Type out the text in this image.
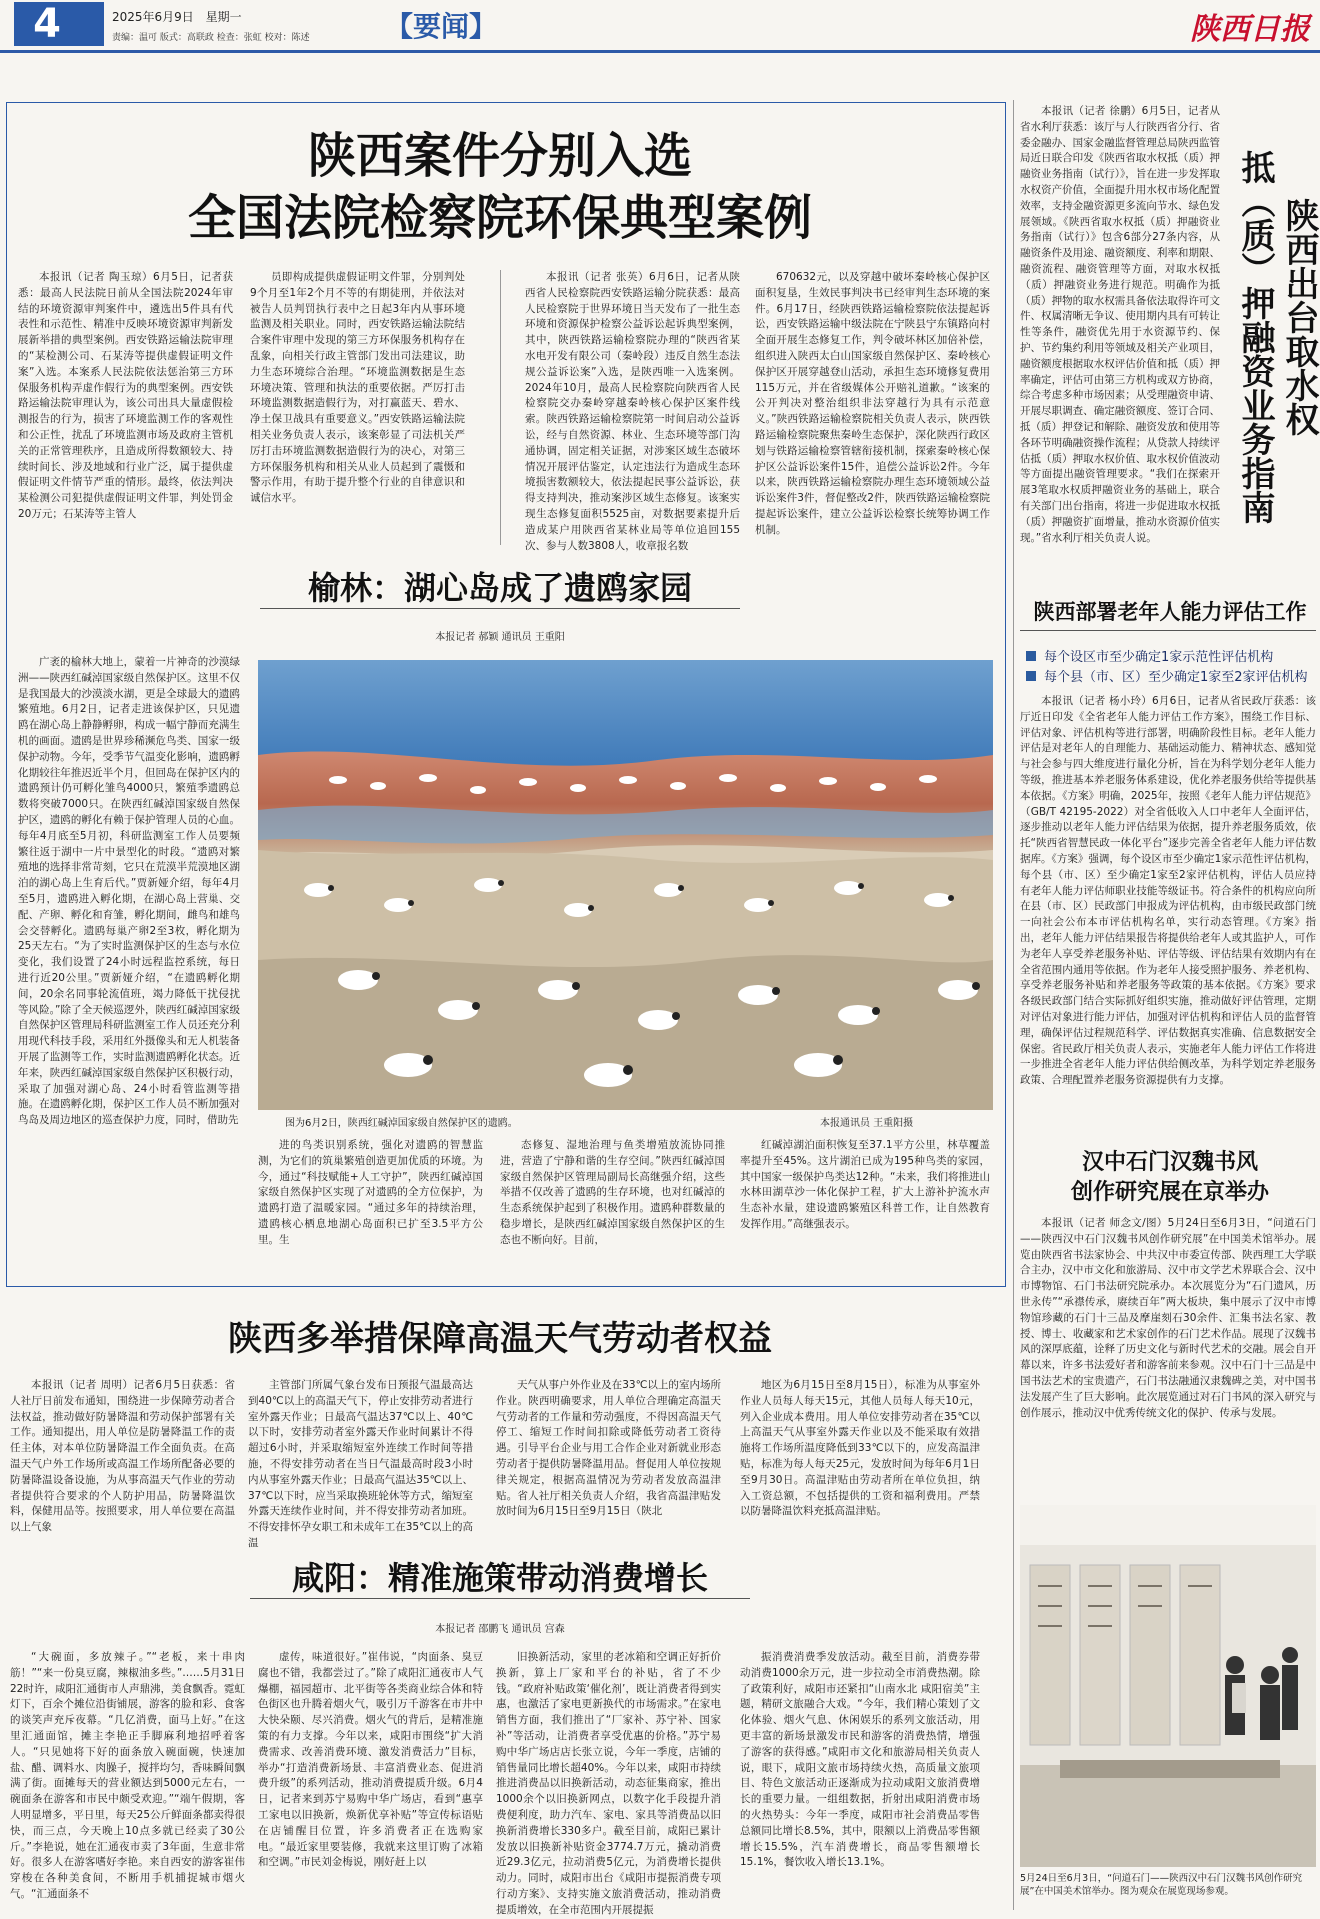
4	2025年6月9日 星期一
责编：温可 版式：高联政 检查：张虹 校对：陈述	【要闻】	陕西日报
陕西案件分别入选
全国法院检察院环保典型案例

本报讯（记者 陶玉琼）6月5日，记者获悉：最高人民法院日前从全国法院2024年审结的环境资源审判案件中，遴选出5件具有代表性和示范性、精准中反映环境资源审判新发展新举措的典型案例。西安铁路运输法院审理的“某检测公司、石某涛等提供虚假证明文件案”入选。本案系人民法院依法惩治第三方环保服务机构弄虚作假行为的典型案例。西安铁路运输法院审理认为，该公司出具大量虚假检测报告的行为，损害了环境监测工作的客观性和公正性，扰乱了环境监测市场及政府主管机关的正常管理秩序，且造成所得数额较大、持续时间长、涉及地域和行业广泛，属于提供虚假证明文件情节严重的情形。最终，依法判决某检测公司犯提供虚假证明文件罪，判处罚金20万元；石某涛等主管人

员即构成提供虚假证明文件罪，分别判处9个月至1年2个月不等的有期徒刑，并依法对被告人员判罚执行表中之日起3年内从事环境监测及相关职业。同时，西安铁路运输法院结合案件审理中发现的第三方环保服务机构存在乱象，向相关行政主管部门发出司法建议，助力生态环境综合治理。“环境监测数据是生态环境决策、管理和执法的重要依据。严厉打击环境监测数据造假行为，对打赢蓝天、碧水、净土保卫战具有重要意义。”西安铁路运输法院相关业务负责人表示，该案彰显了司法机关严厉打击环境监测数据造假行为的决心，对第三方环保服务机构和相关从业人员起到了震慑和警示作用，有助于提升整个行业的自律意识和诚信水平。

本报讯（记者 张英）6月6日，记者从陕西省人民检察院西安铁路运输分院获悉：最高人民检察院于世界环境日当天发布了一批生态环境和资源保护检察公益诉讼起诉典型案例，其中，陕西铁路运输检察院办理的“陕西省某水电开发有限公司（秦岭段）违反自然生态法规公益诉讼案”入选，是陕西唯一入选案例。2024年10月，最高人民检察院向陕西省人民检察院交办秦岭穿越秦岭核心保护区案件线索。陕西铁路运输检察院第一时间启动公益诉讼，经与自然资源、林业、生态环境等部门沟通协调，固定相关证据，对涉案区域生态破坏情况开展评估鉴定，认定违法行为造成生态环境损害数额较大，依法提起民事公益诉讼，获得支持判决，推动案涉区域生态修复。该案实现生态修复面积5525亩，对数据要素提升后造成某户用陕西省某林业局等单位追回155次、参与人数3808人，收章报名数

670632元，以及穿越中破坏秦岭核心保护区面积复垦，生效民事判决书已经审判生态环境的案件。6月17日，经陕西铁路运输检察院依法提起诉讼，西安铁路运输中级法院在宁陕县宁东镇路向村全面开展生态修复工作，判令破坏林区加倍补偿，组织进入陕西太白山国家级自然保护区、秦岭核心保护区开展穿越登山活动，承担生态环境修复费用115万元，并在省级媒体公开赔礼道歉。“该案的公开判决对整治组织非法穿越行为具有示范意义。”陕西铁路运输检察院相关负责人表示，陕西铁路运输检察院聚焦秦岭生态保护，深化陕西行政区划与铁路运输检察管辖衔接机制，探索秦岭核心保护区公益诉讼案件15件，追偿公益诉讼2件。今年以来，陕西铁路运输检察院办理生态环境领域公益诉讼案件3件，督促整改2件，陕西铁路运输检察院提起诉讼案件，建立公益诉讼检察长统筹协调工作机制。

榆林：湖心岛成了遗鸥家园
本报记者 郝颖 通讯员 王重阳

广袤的榆林大地上，蒙着一片神奇的沙漠绿洲——陕西红碱淖国家级自然保护区。这里不仅是我国最大的沙漠淡水湖，更是全球最大的遗鸥繁殖地。6月2日，记者走进该保护区，只见遗鸥在湖心岛上静静孵卵，构成一幅宁静而充满生机的画面。遗鸥是世界珍稀濒危鸟类、国家一级保护动物。今年，受季节气温变化影响，遗鸥孵化期较往年推迟近半个月，但回岛在保护区内的遗鸥预计仍可孵化雏鸟4000只，繁殖季遗鸥总数将突破7000只。在陕西红碱淖国家级自然保护区，遗鸥的孵化有赖于保护管理人员的心血。每年4月底至5月初，科研监测室工作人员要频繁往返于湖中一片中景型化的时段。“遗鸥对繁殖地的选择非常苛刻，它只在荒漠半荒漠地区湖泊的湖心岛上生育后代。”贾新娅介绍，每年4月至5月，遗鸥进入孵化期，在湖心岛上营巢、交配、产卵、孵化和育雏，孵化期间，雌鸟和雄鸟会交替孵化。遗鸥每巢产卵2至3枚，孵化期为25天左右。“为了实时监测保护区的生态与水位变化，我们设置了24小时远程监控系统，每日进行近20公里。”贾新娅介绍，“在遗鸥孵化期间，20余名同事轮流值班，竭力降低干扰侵扰等风险。”除了全天候巡逻外，陕西红碱淖国家级自然保护区管理局科研监测室工作人员还充分利用现代科技手段，采用红外摄像头和无人机装备开展了监测等工作，实时监测遗鸥孵化状态。近年来，陕西红碱淖国家级自然保护区积极行动，采取了加强对湖心岛、24小时看管监测等措施。在遗鸥孵化期，保护区工作人员不断加强对鸟岛及周边地区的巡查保护力度，同时，借助先	图为6月2日，陕西红碱淖国家级自然保护区的遗鸥。	本报通讯员 王重阳摄

进的鸟类识别系统，强化对遗鸥的智慧监测，为它们的筑巢繁殖创造更加优质的环境。为今，通过“科技赋能+人工守护”，陕西红碱淖国家级自然保护区实现了对遗鸥的全方位保护，为遗鸥打造了温暖家园。“通过多年的持续治理，遗鸥核心栖息地湖心岛面积已扩至3.5平方公里。生

态修复、湿地治理与鱼类增殖放流协同推进，营造了宁静和谐的生存空间。”陕西红碱淖国家级自然保护区管理局副局长高继强介绍，这些举措不仅改善了遗鸥的生存环境，也对红碱淖的生态系统保护起到了积极作用。遗鸥种群数量的稳步增长，是陕西红碱淖国家级自然保护区的生态也不断向好。目前，

红碱淖湖泊面积恢复至37.1平方公里，林草覆盖率提升至45%。这片湖泊已成为195种鸟类的家园，其中国家一级保护鸟类达12种。“未来，我们将推进山水林田湖草沙一体化保护工程，扩大上游补护流水声生态补水量，建设遗鸥繁殖区科普工作，让自然教育发挥作用。”高继强表示。

陕西多举措保障高温天气劳动者权益

本报讯（记者 周明）记者6月5日获悉：省人社厅日前发布通知，围绕进一步保障劳动者合法权益，推动做好防暑降温和劳动保护部署有关工作。通知提出，用人单位是防暑降温工作的责任主体，对本单位防暑降温工作全面负责。在高温天气户外工作场所或高温工作场所配备必要的防暑降温设备设施，为从事高温天气作业的劳动者提供符合要求的个人防护用品，防暑降温饮料，保健用品等。按照要求，用人单位要在高温以上气象

主管部门所属气象台发布日预报气温最高达到40℃以上的高温天气下，停止安排劳动者进行室外露天作业；日最高气温达37℃以上、40℃以下时，安排劳动者室外露天作业时间累计不得超过6小时，并采取缩短室外连续工作时间等措施，不得安排劳动者在当日气温最高时段3小时内从事室外露天作业；日最高气温达35℃以上、37℃以下时，应当采取换班轮休等方式，缩短室外露天连续作业时间，并不得安排劳动者加班。不得安排怀孕女职工和未成年工在35℃以上的高温

天气从事户外作业及在33℃以上的室内场所作业。陕西明确要求，用人单位合理确定高温天气劳动者的工作量和劳动强度，不得因高温天气停工、缩短工作时间扣除或降低劳动者工资待遇。引导平台企业与用工合作企业对新就业形态劳动者于提供防暑降温用品。督促用人单位按规律关规定，根据高温情况为劳动者发放高温津贴。省人社厅相关负责人介绍，我省高温津贴发放时间为6月15日至9月15日（陕北

地区为6月15日至8月15日），标准为从事室外作业人员每人每天15元，其他人员每人每天10元，列入企业成本费用。用人单位安排劳动者在35℃以上高温天气从事室外露天作业以及不能采取有效措施将工作场所温度降低到33℃以下的，应发高温津贴，标准为每人每天25元，发放时间为每年6月1日至9月30日。高温津贴由劳动者所在单位负担，纳入工资总额，不包括提供的工资和福利费用。严禁以防暑降温饮料充抵高温津贴。

咸阳：精准施策带动消费增长
本报记者 邵鹏飞 通讯员 宫森

“大碗面，多放辣子。”“老板，来十串肉筋！”“来一份臭豆腐，辣椒油多些。”……5月31日22时许，咸阳汇通街市人声鼎沸，美食飘香。霓虹灯下，百余个摊位沿街铺展，游客的脸和彩、食客的谈笑声充斥夜幕。“几亿消费，面马上好。”在这里汇通面馆，摊主李艳正手脚麻利地招呼着客人。“只见她将下好的面条放入碗面碗，快速加盐、醋、调料水、肉臊子，搅拌均匀，香味瞬间飘满了街。面摊每天的营业额达到5000元左右，一碗面条在游客和市民中颇受欢迎。”“端午假期，客人明显增多，平日里，每天25公斤鲜面条都卖得很快，而三点，今天晚上10点多就已经卖了30公斤。”李艳说，她在汇通夜市卖了3年面，生意非常好。很多人在游客嗜好李艳。来自西安的游客崔伟穿梭在各种美食间，不断用手机捕捉城市烟火气。“汇通面条不

虚传，味道很好。”崔伟说，“肉面条、臭豆腐也不错，我都尝过了。”除了咸阳汇通夜市人气爆棚，福园超市、北平街等各类商业综合体和特色街区也升腾着烟火气，吸引万千游客在市井中大快朵颐、尽兴消费。烟火气的背后，是精准施策的有力支撑。今年以来，咸阳市围绕“扩大消费需求、改善消费环境、激发消费活力”目标，举办“打造消费新场景、丰富消费业态、促进消费升级”的系列活动，推动消费提质升级。6月4日，记者来到苏宁易购中华广场店，看到“惠享工家电以旧换新，焕新优享补贴”等宣传标语贴在店铺醒目位置，许多消费者正在选购家电。“最近家里要装修，我就来这里订购了冰箱和空调。”市民刘金梅说，刚好赶上以

旧换新活动，家里的老冰箱和空调正好折价换新，算上厂家和平台的补贴，省了不少钱。“政府补贴政策‘催化剂’，既让消费者得到实惠，也激活了家电更新换代的市场需求。”在家电销售方面，我们推出了“厂家补、苏宁补、国家补”等活动，让消费者享受优惠的价格。”苏宁易购中华广场店店长张立说，今年一季度，店铺的销售量同比增长超40%。今年以来，咸阳市持续推进消费品以旧换新活动，动态征集商家，推出1000余个以旧换新网点，以数字化手段提升消费便利度，助力汽车、家电、家具等消费品以旧换新消费增长330多户。截至目前，咸阳已累计发放以旧换新补贴资金3774.7万元，撬动消费近29.3亿元，拉动消费5亿元，为消费增长提供动力。同时，咸阳市出台《咸阳市提振消费专项行动方案》、支持实施文旅消费活动，推动消费提质增效，在全市范围内开展提振

振消费消费季发放活动。截至目前，消费券带动消费1000余万元，进一步拉动全市消费热潮。除了政策利好，咸阳市还紧扣“山南水北 咸阳宿美”主题，精研文旅融合大戏。“今年，我们精心策划了文化体验、烟火气息、休闲娱乐的系列文旅活动，用更丰富的新场景激发市民和游客的消费热情，增强了游客的获得感。”咸阳市文化和旅游局相关负责人说，眼下，咸阳文旅市场持续火热，高质量文旅项目、特色文旅活动正逐渐成为拉动咸阳文旅消费增长的重要力量。一组组数据，折射出咸阳消费市场的火热势头：今年一季度，咸阳市社会消费品零售总额同比增长8.5%，其中，限额以上消费品零售额增长15.5%，汽车消费增长，商品零售额增长15.1%，餐饮收入增长13.1%。

陕西出台取水权
抵（质）押融资业务指南

本报讯（记者 徐鹏）6月5日，记者从省水利厅获悉：该厅与人行陕西省分行、省委金融办、国家金融监督管理总局陕西监管局近日联合印发《陕西省取水权抵（质）押融资业务指南（试行）》，旨在进一步发挥取水权资产价值，全面提升用水权市场化配置效率，支持金融资源更多流向节水、绿色发展领域。《陕西省取水权抵（质）押融资业务指南（试行）》包含6部分27条内容，从融资条件及用途、融资额度、利率和期限、融资流程、融资管理等方面，对取水权抵（质）押融资业务进行规范。明确作为抵（质）押物的取水权需具备依法取得许可文件、权属清晰无争议、使用期内具有可转让性等条件，融资优先用于水资源节约、保护、节约集约利用等领域及相关产业项目，融资额度根据取水权评估价值和抵（质）押率确定，评估可由第三方机构或双方协商，综合考虑多种市场因素；从受理融资申请、开展尽职调查、确定融资额度、签订合同、抵（质）押登记和解除、融资发放和使用等各环节明确融资操作流程；从贷款人持续评估抵（质）押取水权价值、取水权价值波动等方面提出融资管理要求。“我们在探索开展3笔取水权质押融资业务的基础上，联合有关部门出台指南，将进一步促进取水权抵（质）押融资扩面增量，推动水资源价值实现。”省水利厅相关负责人说。

陕西部署老年人能力评估工作
每个设区市至少确定1家示范性评估机构
每个县（市、区）至少确定1家至2家评估机构

本报讯（记者 杨小玲）6月6日，记者从省民政厅获悉：该厅近日印发《全省老年人能力评估工作方案》，围绕工作目标、评估对象、评估机构等进行部署，明确阶段性目标。老年人能力评估是对老年人的自理能力、基础运动能力、精神状态、感知觉与社会参与四大维度进行量化分析，旨在为科学划分老年人能力等级，推进基本养老服务体系建设，优化养老服务供给等提供基本依据。《方案》明确，2025年，按照《老年人能力评估规范》（GB/T 42195-2022）对全省低收入人口中老年人全面评估，逐步推动以老年人能力评估结果为依据，提升养老服务质效，依托“陕西省智慧民政一体化平台”逐步完善全省老年人能力评估数据库。《方案》强调，每个设区市至少确定1家示范性评估机构，每个县（市、区）至少确定1家至2家评估机构，评估人员应持有老年人能力评估师职业技能等级证书。符合条件的机构应向所在县（市、区）民政部门申报成为评估机构，由市级民政部门统一向社会公布本市评估机构名单，实行动态管理。《方案》指出，老年人能力评估结果报告将提供给老年人或其监护人，可作为老年人享受养老服务补贴、评估等级、评估结果有效期内有在全省范围内通用等依据。作为老年人接受照护服务、养老机构、享受养老服务补贴和养老服务等政策的基本依据。《方案》要求各级民政部门结合实际抓好组织实施，推动做好评估管理，定期对评估对象进行能力评估，加强对评估机构和评估人员的监督管理，确保评估过程规范科学、评估数据真实准确、信息数据安全保密。省民政厅相关负责人表示，实施老年人能力评估工作将进一步推进全省老年人能力评估供给侧改革，为科学划定养老服务政策、合理配置养老服务资源提供有力支撑。

汉中石门汉魏书风
创作研究展在京举办

本报讯（记者 师念文/图）5月24日至6月3日，“问道石门——陕西汉中石门汉魏书风创作研究展”在中国美术馆举办。展览由陕西省书法家协会、中共汉中市委宣传部、陕西理工大学联合主办，汉中市文化和旅游局、汉中市文学艺术界联合会、汉中市博物馆、石门书法研究院承办。本次展览分为“石门遗风，历世永传”“承襟传承，赓续百年”两大板块，集中展示了汉中市博物馆珍藏的石门十三品及摩崖刻石30余件、汇集书法名家、教授、博士、收藏家和艺术家创作的石门艺术作品。展现了汉魏书风的深厚底蕴，诠释了历史文化与新时代艺术的交融。展会自开幕以来，许多书法爱好者和游客前来参观。汉中石门十三品是中国书法艺术的宝贵遗产，石门书法融通汉隶魏碑之美，对中国书法发展产生了巨大影响。此次展览通过对石门书风的深入研究与创作展示，推动汉中优秀传统文化的保护、传承与发展。

5月24日至6月3日，“问道石门——陕西汉中石门汉魏书风创作研究展”在中国美术馆举办。图为观众在展览现场参观。
